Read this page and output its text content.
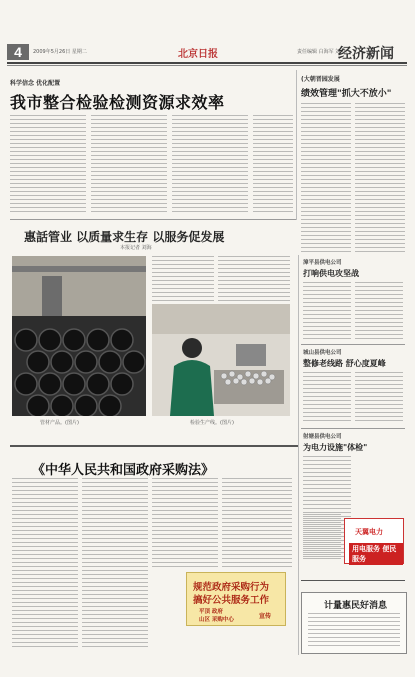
4	2009年5月26日 星期二	北京日报	责任编辑 白海军 刘 伟
经济新闻
科学信念 优化配置
我市整合检验检测资源求效率
(大朝晋园发展
绩效管理"抓大不放小"
惠話管业 以质量求生存 以服务促发展
本报记者 刘海
管材产品。(图片)	检验生产线。(图片)
《中华人民共和国政府采购法》
规范政府采购行为
搞好公共服务工作
平顶 政府
山区 采购中心	宣传
漳平县供电公司
打响供电攻坚战
城山县供电公司
整修老线路 舒心度夏峰
射塘县供电公司
为电力设施"体检"
天翼电力
用电服务 便民服务
计量惠民好消息
